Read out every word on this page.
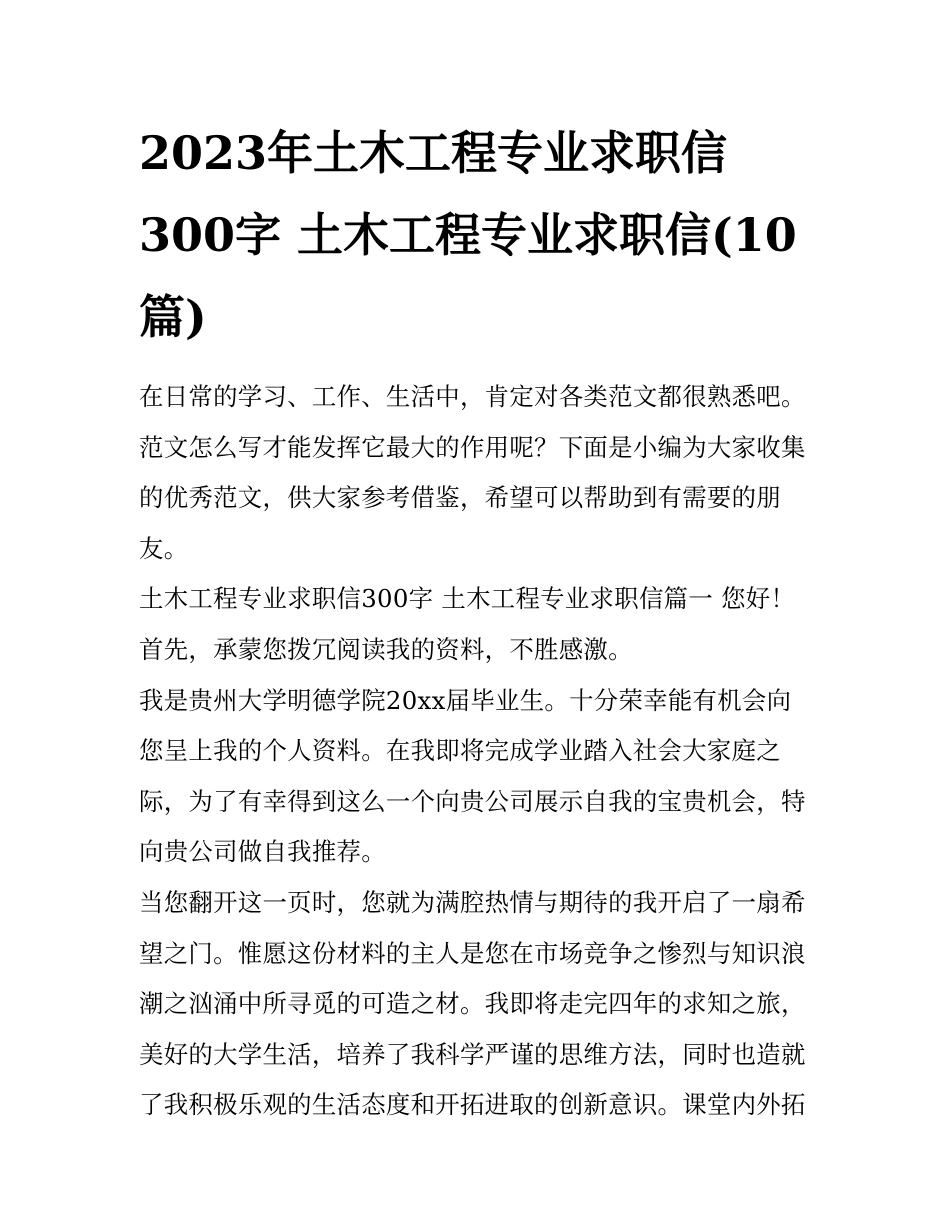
2023年土木工程专业求职信
300字 土木工程专业求职信(10
篇)

在日常的学习、工作、生活中，肯定对各类范文都很熟悉吧。
范文怎么写才能发挥它最大的作用呢？下面是小编为大家收集
的优秀范文，供大家参考借鉴，希望可以帮助到有需要的朋
友。

土木工程专业求职信300字 土木工程专业求职信篇一 您好！

首先，承蒙您拨冗阅读我的资料，不胜感激。

我是贵州大学明德学院20xx届毕业生。十分荣幸能有机会向
您呈上我的个人资料。在我即将完成学业踏入社会大家庭之
际，为了有幸得到这么一个向贵公司展示自我的宝贵机会，特
向贵公司做自我推荐。

当您翻开这一页时，您就为满腔热情与期待的我开启了一扇希
望之门。惟愿这份材料的主人是您在市场竞争之惨烈与知识浪
潮之汹涌中所寻觅的可造之材。我即将走完四年的求知之旅，
美好的大学生活，培养了我科学严谨的思维方法，同时也造就
了我积极乐观的生活态度和开拓进取的创新意识。课堂内外拓
